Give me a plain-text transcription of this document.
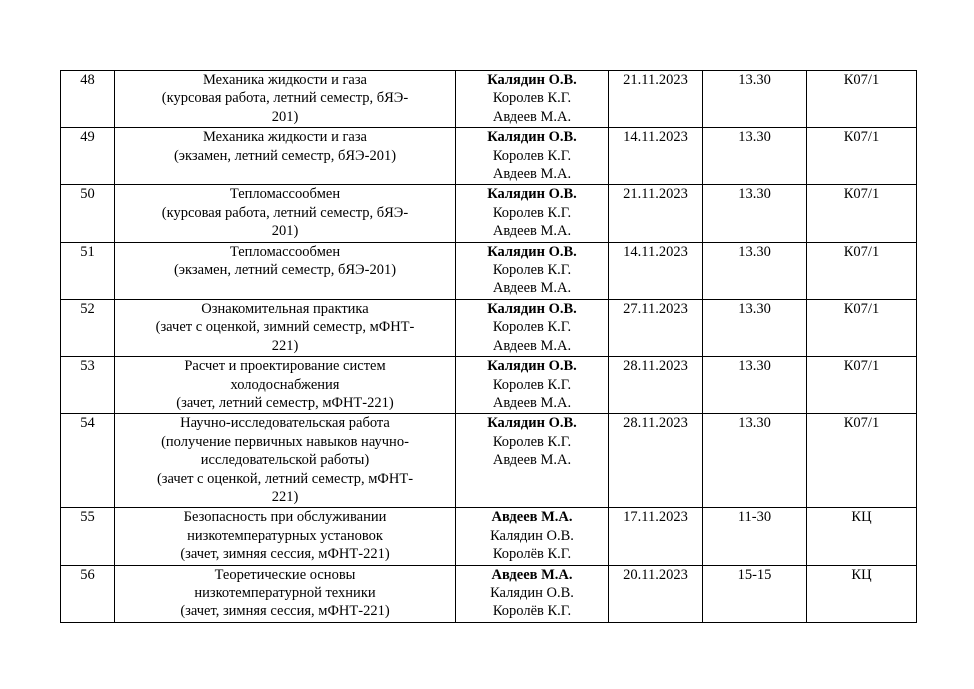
48	Механика жидкости и газа
(курсовая работа, летний семестр, бЯЭ-
201)	Калядин О.В.
Королев К.Г.
Авдеев М.А.	21.11.2023	13.30	К07/1
49	Механика жидкости и газа
(экзамен, летний семестр, бЯЭ-201)	Калядин О.В.
Королев К.Г.
Авдеев М.А.	14.11.2023	13.30	К07/1
50	Тепломассообмен
(курсовая работа, летний семестр, бЯЭ-
201)	Калядин О.В.
Королев К.Г.
Авдеев М.А.	21.11.2023	13.30	К07/1
51	Тепломассообмен
(экзамен, летний семестр, бЯЭ-201)	Калядин О.В.
Королев К.Г.
Авдеев М.А.	14.11.2023	13.30	К07/1
52	Ознакомительная практика
(зачет с оценкой, зимний семестр, мФНТ-
221)	Калядин О.В.
Королев К.Г.
Авдеев М.А.	27.11.2023	13.30	К07/1
53	Расчет и проектирование систем
холодоснабжения
(зачет, летний семестр, мФНТ-221)	Калядин О.В.
Королев К.Г.
Авдеев М.А.	28.11.2023	13.30	К07/1
54	Научно-исследовательская работа
(получение первичных навыков научно-
исследовательской работы)
(зачет с оценкой, летний семестр, мФНТ-
221)	Калядин О.В.
Королев К.Г.
Авдеев М.А.	28.11.2023	13.30	К07/1
55	Безопасность при обслуживании
низкотемпературных установок
(зачет, зимняя сессия, мФНТ-221)	Авдеев М.А.
Калядин О.В.
Королёв К.Г.	17.11.2023	11-30	КЦ
56	Теоретические основы
низкотемпературной техники
(зачет, зимняя сессия, мФНТ-221)	Авдеев М.А.
Калядин О.В.
Королёв К.Г.	20.11.2023	15-15	КЦ
